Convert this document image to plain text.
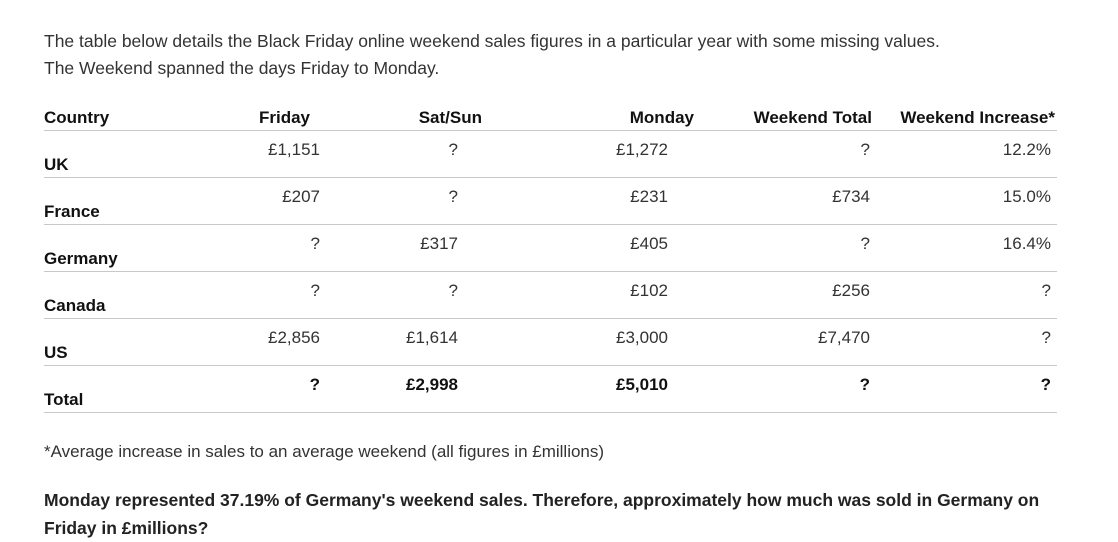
The table below details the Black Friday online weekend sales figures in a particular year with some missing values.
The Weekend spanned the days Friday to Monday.
Country	Friday	Sat/Sun	Monday	Weekend Total	Weekend Increase*
UK	£1,151	?	£1,272	?	12.2%
France	£207	?	£231	£734	15.0%
Germany	?	£317	£405	?	16.4%
Canada	?	?	£102	£256	?
US	£2,856	£1,614	£3,000	£7,470	?
Total	?	£2,998	£5,010	?	?
*Average increase in sales to an average weekend (all figures in £millions)
Monday represented 37.19% of Germany's weekend sales. Therefore, approximately how much was sold in Germany on Friday in £millions?
